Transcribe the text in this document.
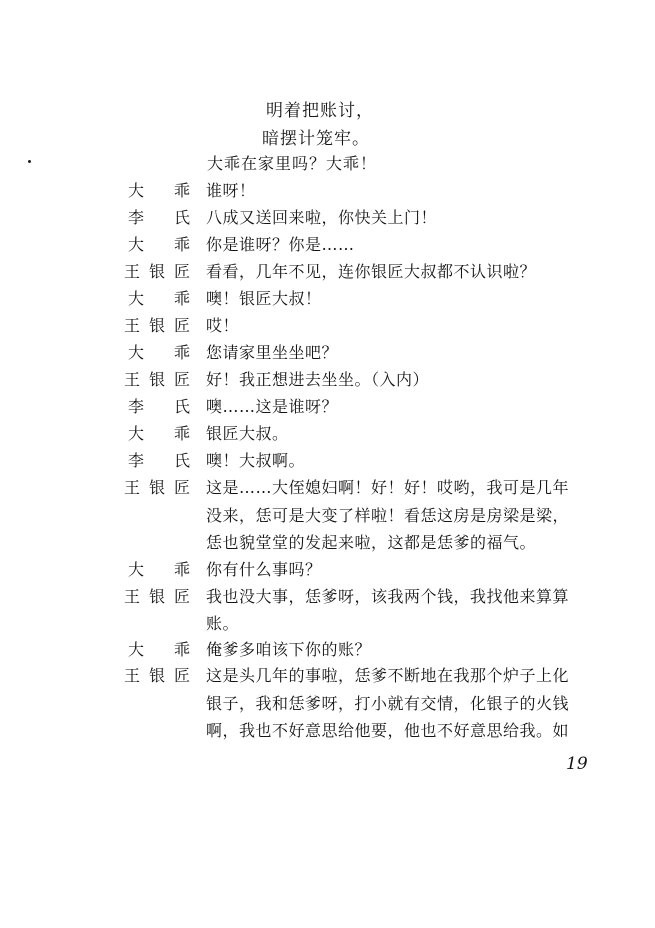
明着把账讨，
暗摆计笼牢。
大乖在家里吗？大乖！
大 乖 谁呀！
李 氏 八成又送回来啦，你快关上门！
大 乖 你是谁呀？你是……
王 银 匠 看看，几年不见，连你银匠大叔都不认识啦？
大 乖 噢！银匠大叔！
王 银 匠 哎！
大 乖 您请家里坐坐吧？
王 银 匠 好！我正想进去坐坐。（入内）
李 氏 噢……这是谁呀？
大 乖 银匠大叔。
李 氏 噢！大叔啊。
王 银 匠 这是……大侄媳妇啊！好！好！哎哟，我可是几年
没来，恁可是大变了样啦！看恁这房是房梁是梁，
恁也貌堂堂的发起来啦，这都是恁爹的福气。
大 乖 你有什么事吗？
王 银 匠 我也没大事，恁爹呀，该我两个钱，我找他来算算
账。
大 乖 俺爹多咱该下你的账？
王 银 匠 这是头几年的事啦，恁爹不断地在我那个炉子上化
银子，我和恁爹呀，打小就有交情，化银子的火钱
啊，我也不好意思给他要，他也不好意思给我。如
19
